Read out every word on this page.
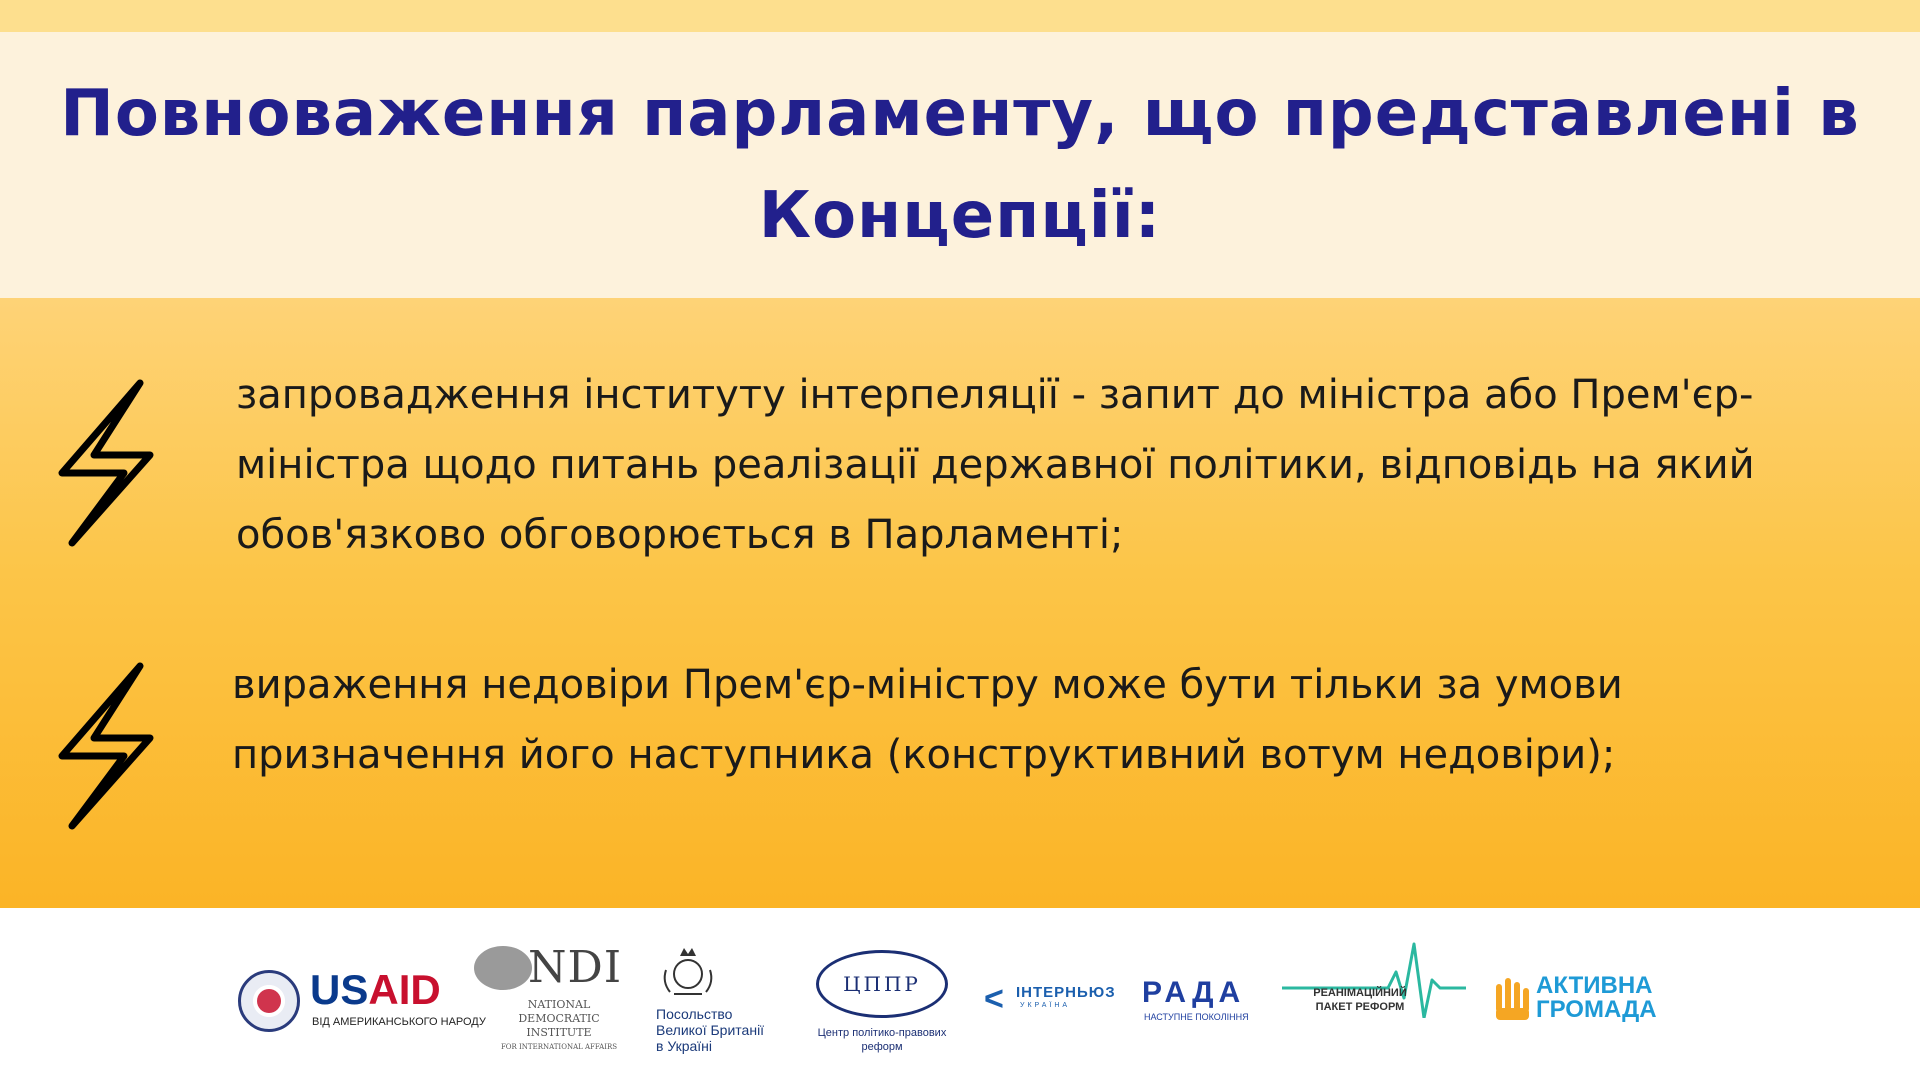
Повноваження парламенту, що представлені в Концепції:

запровадження інституту інтерпеляції - запит до міністра або Прем'єр-міністра щодо питань реалізації державної політики, відповідь на який обов'язково обговорюється в Парламенті;

вираження недовіри Прем'єр-міністру може бути тільки за умови призначення його наступника (конструктивний вотум недовіри);

USAID
ВІД АМЕРИКАНСЬКОГО НАРОДУ
NDI
NATIONAL
DEMOCRATIC
INSTITUTE
FOR INTERNATIONAL AFFAIRS
Посольство
Великої Британії
в Україні
ЦППР
Центр політико-правових
реформ
< ІНТЕРНЬЮЗ
УКРАЇНА РАДА
НАСТУПНЕ ПОКОЛІННЯ
РЕАНІМАЦІЙНИЙ
ПАКЕТ РЕФОРМ
АКТИВНА
ГРОМАДА
